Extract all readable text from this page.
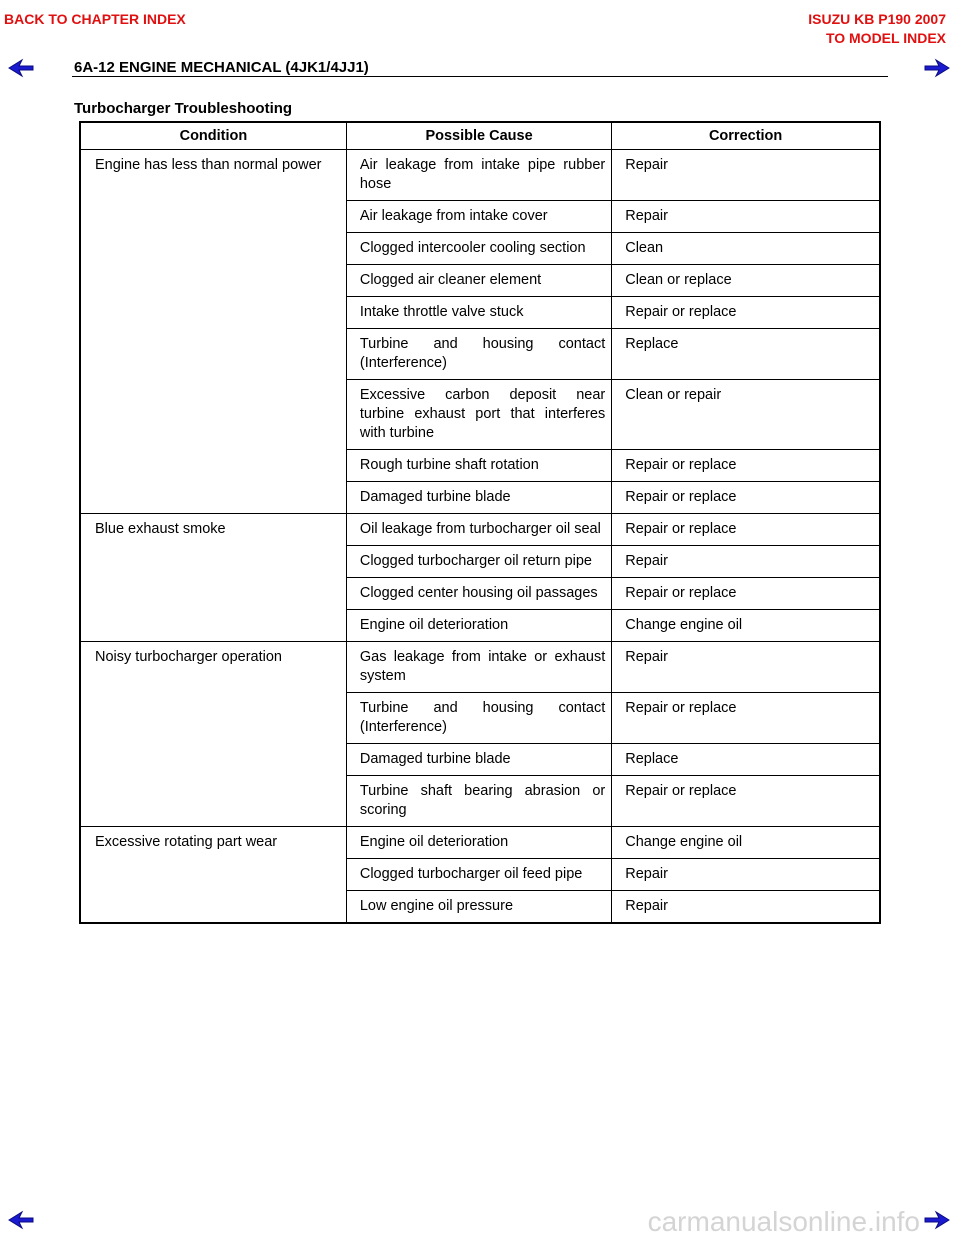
BACK TO CHAPTER INDEX	ISUZU KB P190 2007
TO MODEL INDEX
6A-12 ENGINE MECHANICAL (4JK1/4JJ1)
Turbocharger Troubleshooting
Condition	Possible Cause	Correction
Engine has less than normal power	Air leakage from intake pipe rubber hose	Repair
	Air leakage from intake cover	Repair
	Clogged intercooler cooling section	Clean
	Clogged air cleaner element	Clean or replace
	Intake throttle valve stuck	Repair or replace
	Turbine and housing contact (Interference)	Replace
	Excessive carbon deposit near turbine exhaust port that interferes with turbine	Clean or repair
	Rough turbine shaft rotation	Repair or replace
	Damaged turbine blade	Repair or replace
Blue exhaust smoke	Oil leakage from turbocharger oil seal	Repair or replace
	Clogged turbocharger oil return pipe	Repair
	Clogged center housing oil passages	Repair or replace
	Engine oil deterioration	Change engine oil
Noisy turbocharger operation	Gas leakage from intake or exhaust system	Repair
	Turbine and housing contact (Interference)	Repair or replace
	Damaged turbine blade	Replace
	Turbine shaft bearing abrasion or scoring	Repair or replace
Excessive rotating part wear	Engine oil deterioration	Change engine oil
	Clogged turbocharger oil feed pipe	Repair
	Low engine oil pressure	Repair
carmanualsonline.info
